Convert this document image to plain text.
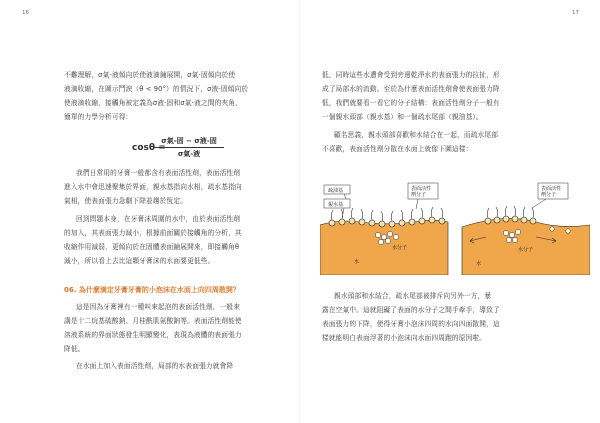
16

不難理解，σ氣-液傾向於使液滴鋪展開，σ氣-固傾向於使

液滴收縮，在圖示鬥淚（θ < 90°）的情況下，σ液-固傾向於

使液滴收縮，接觸角被定義為σ液-固和σ氣-液之間的夾角，

簡單的力學分析可得：

cosθ =
σ氣-固 − σ液-固
σ氣-液

我們日常用的牙膏一般都含有表面活性劑，表面活性劑

進入水中會迅速聚集於界面，親水基指向水相，疏水基指向

氣相，使表面張力急劇下降並趨於恆定。

回到問題本身，在牙膏沫周圍的水中，由於表面活性劑

的加入，其表面張力減小，根據前面關於接觸角的分析，其

收縮作用減弱，更傾向於在固體表面鋪展開來，即接觸角θ

減小，所以看上去比這顆牙膏沫的水面要更低些。

06. 為什麼滴定牙膏牙膏的小泡沫在水面上向四周散開？

這是因為牙膏裡有一種叫來起泡的表面活性劑，一般來

講是十二烷基硫酸鈉、月桂酰肌氨酸鈉等。表面活性劑能使

溶液系統的界面狀態發生明顯變化，表現為液體的表面張力

降低。

在水面上加入表面活性劑，局部的水表面張力就會降

17

低，同時這些水遭會受到旁邊乾淨水的表面張力的拉扯，形

成了局部水的流動。至於為什麼表面活性劑會使表面張力降

低，我們就要看一看它的分子結構：表面活性劑分子一般有

一個親水頭部（親水基）和一個疏水尾部（親油基）。

顧名思義，親水頭部喜歡和水結合在一起，而疏水尾部

不喜歡，表面活性劑分散在水面上就像下圖這樣：

疏油基
親水基
表面活性
劑分子
水分子
水
表面活性
劑分子
水分子
水

親水頭部和水結合，疏水尾部被排斥向另外一方，暴

露在空氣中。這就阻礙了表面的水分子之間手牽手，導致了

表面張力的下降，使得牙膏小泡沫四周的水向四面散開，這

樣就能明白表面浮著的小泡沫向水面四周跑的原因啦。
